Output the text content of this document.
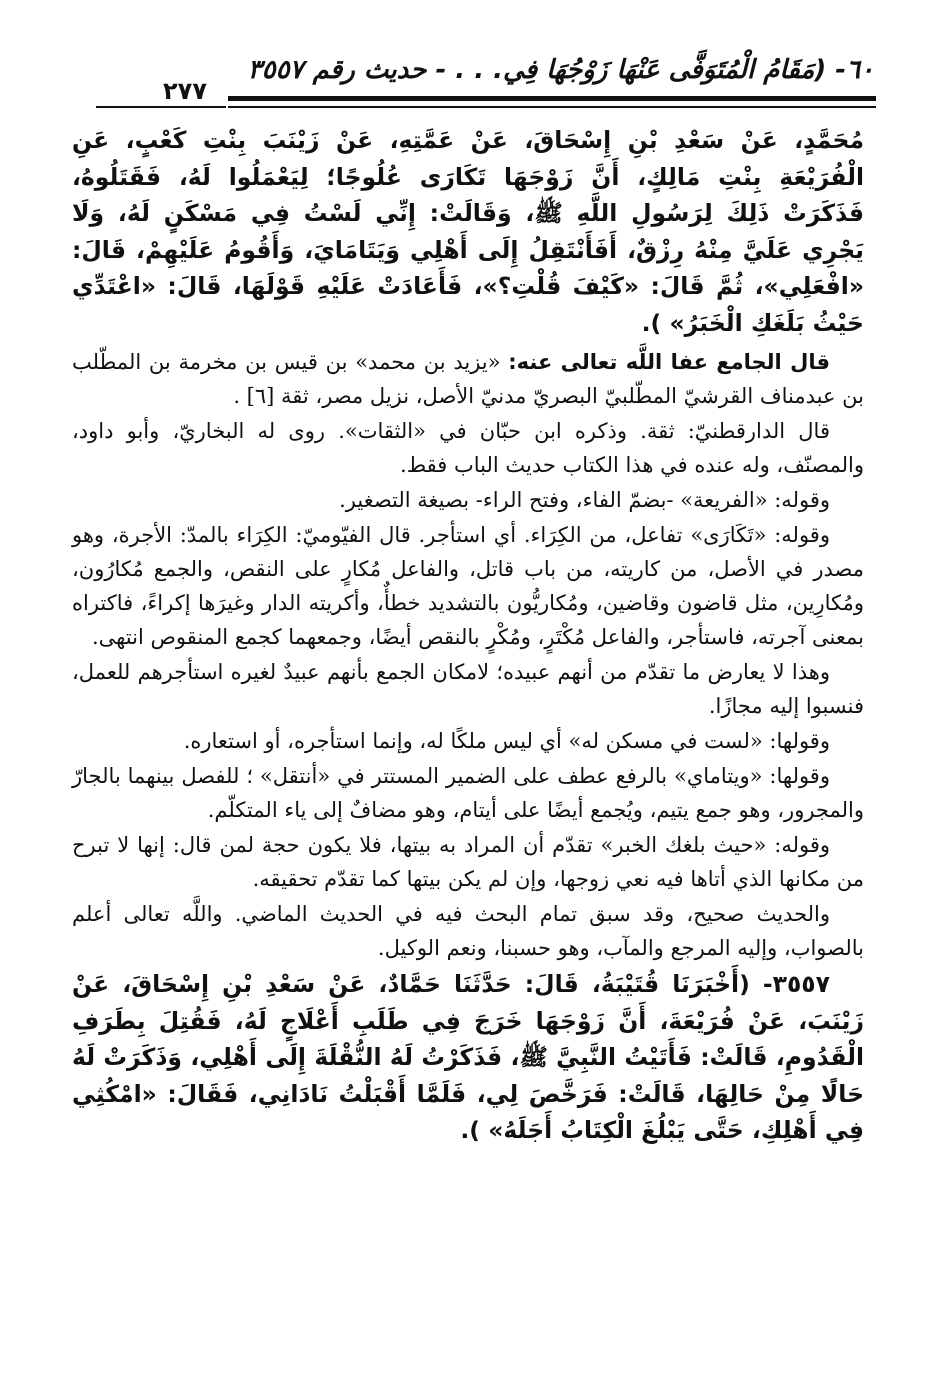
٦٠- (مَقَامُ الْمُتَوَفَّى عَنْهَا زَوْجُهَا فِي. . . - حديث رقم ٣٥٥٧
٢٧٧

مُحَمَّدٍ، عَنْ سَعْدِ بْنِ إِسْحَاقَ، عَنْ عَمَّتِهِ، عَنْ زَيْنَبَ بِنْتِ كَعْبٍ، عَنِ الْفُرَيْعَةِ بِنْتِ مَالِكٍ، أَنَّ زَوْجَهَا تَكَارَى عُلُوجًا؛ لِيَعْمَلُوا لَهُ، فَقَتَلُوهُ، فَذَكَرَتْ ذَلِكَ لِرَسُولِ اللَّهِ ﷺ، وَقَالَتْ: إِنِّي لَسْتُ فِي مَسْكَنٍ لَهُ، وَلَا يَجْرِي عَلَيَّ مِنْهُ رِزْقٌ، أَفَأَنْتَقِلُ إِلَى أَهْلِي وَيَتَامَايَ، وَأَقُومُ عَلَيْهِمْ، قَالَ: «افْعَلِي»، ثُمَّ قَالَ: «كَيْفَ قُلْتِ؟»، فَأَعَادَتْ عَلَيْهِ قَوْلَهَا، قَالَ: «اعْتَدِّي حَيْثُ بَلَغَكِ الْخَبَرُ» ).

قال الجامع عفا اللَّه تعالى عنه: «يزيد بن محمد» بن قيس بن مخرمة بن المطّلب بن عبدمناف القرشيّ المطّلبيّ البصريّ مدنيّ الأصل، نزيل مصر، ثقة [٦] .

قال الدارقطنيّ: ثقة. وذكره ابن حبّان في «الثقات». روى له البخاريّ، وأبو داود، والمصنّف، وله عنده في هذا الكتاب حديث الباب فقط.

وقوله: «الفريعة» -بضمّ الفاء، وفتح الراء- بصيغة التصغير.

وقوله: «تَكَارَى» تفاعل، من الكِرَاء. أي استأجر. قال الفيّوميّ: الكِرَاء بالمدّ: الأجرة، وهو مصدر في الأصل، من كاريته، من باب قاتل، والفاعل مُكارٍ على النقص، والجمع مُكارُون، ومُكارِين، مثل قاضون وقاضين، ومُكاريُّون بالتشديد خطأٌ، وأكريته الدار وغيرَها إكراءً، فاكتراه بمعنى آجرته، فاستأجر، والفاعل مُكْتَرٍ، ومُكْرٍ بالنقص أيضًا، وجمعهما كجمع المنقوص انتهى.

وهذا لا يعارض ما تقدّم من أنهم عبيده؛ لامكان الجمع بأنهم عبيدٌ لغيره استأجرهم للعمل، فنسبوا إليه مجازًا.

وقولها: «لست في مسكن له» أي ليس ملكًا له، وإنما استأجره، أو استعاره.

وقولها: «ويتاماي» بالرفع عطف على الضمير المستتر في «أنتقل» ؛ للفصل بينهما بالجارّ والمجرور، وهو جمع يتيم، ويُجمع أيضًا على أيتام، وهو مضافٌ إلى ياء المتكلّم.

وقوله: «حيث بلغك الخبر» تقدّم أن المراد به بيتها، فلا يكون حجة لمن قال: إنها لا تبرح من مكانها الذي أتاها فيه نعي زوجها، وإن لم يكن بيتها كما تقدّم تحقيقه.

والحديث صحيح، وقد سبق تمام البحث فيه في الحديث الماضي. واللَّه تعالى أعلم بالصواب، وإليه المرجع والمآب، وهو حسبنا، ونعم الوكيل.

٣٥٥٧- (أَخْبَرَنَا قُتَيْبَةُ، قَالَ: حَدَّثَنَا حَمَّادٌ، عَنْ سَعْدِ بْنِ إِسْحَاقَ، عَنْ زَيْنَبَ، عَنْ فُرَيْعَةَ، أَنَّ زَوْجَهَا خَرَجَ فِي طَلَبِ أَعْلَاجٍ لَهُ، فَقُتِلَ بِطَرَفِ الْقَدُومِ، قَالَتْ: فَأَتَيْتُ النَّبِيَّ ﷺ، فَذَكَرْتُ لَهُ النُّقْلَةَ إِلَى أَهْلِي، وَذَكَرَتْ لَهُ حَالًا مِنْ حَالِهَا، قَالَتْ: فَرَخَّصَ لِي، فَلَمَّا أَقْبَلْتُ نَادَانِي، فَقَالَ: «امْكُثِي فِي أَهْلِكِ، حَتَّى يَبْلُغَ الْكِتَابُ أَجَلَهُ» ).
